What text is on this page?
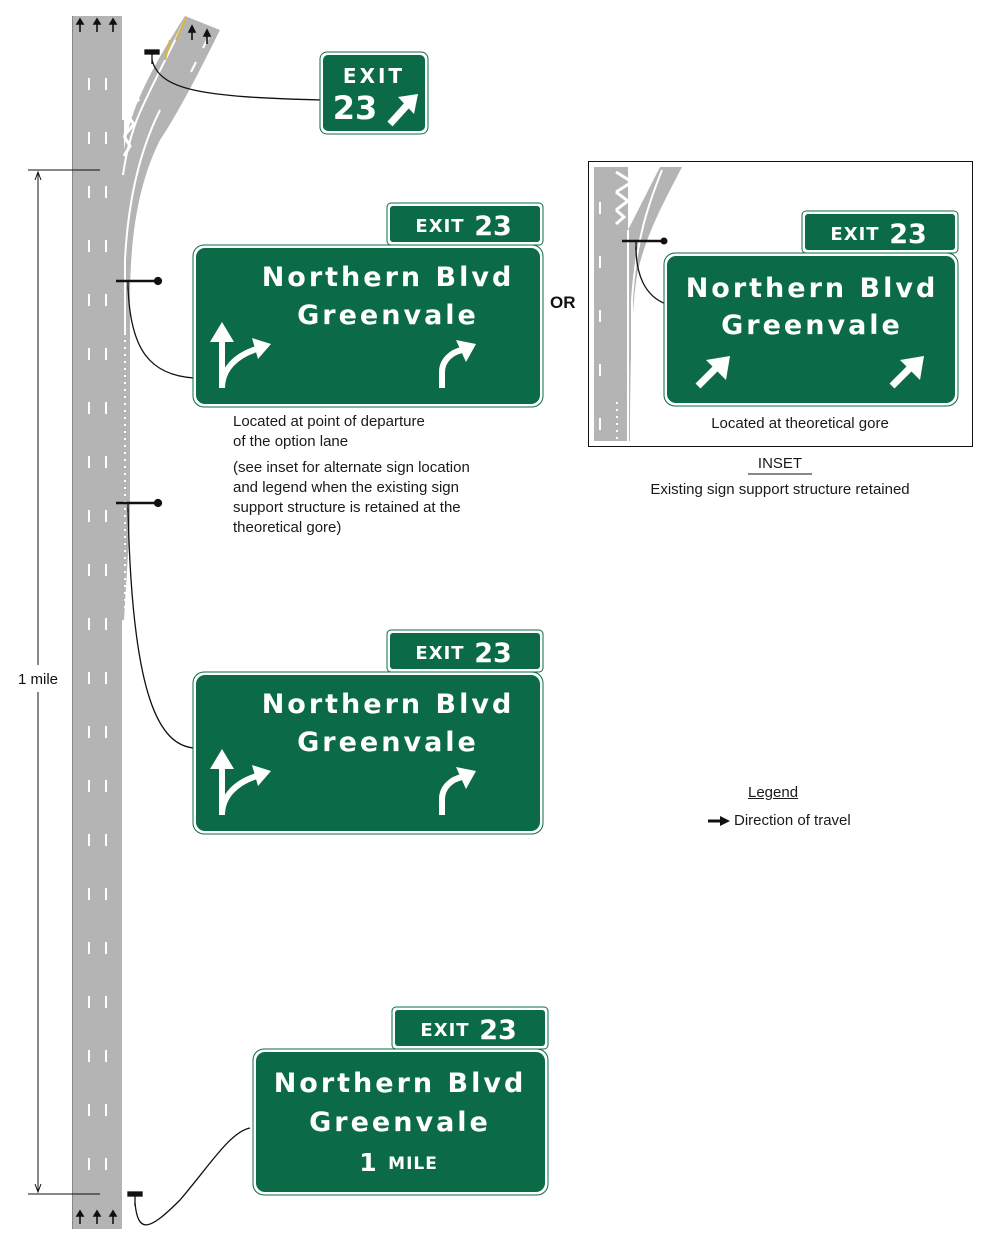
1 mile
EXIT
23
EXIT 23
Northern Blvd
Greenvale
EXIT 23
Northern Blvd
Greenvale
EXIT 23
Northern Blvd
Greenvale
1 MILE
EXIT 23
Northern Blvd
Greenvale
OR
Located at point of departure
of the option lane
(see inset for alternate sign location
and legend when the existing sign
support structure is retained at the
theoretical gore)
Located at theoretical gore
INSET
Existing sign support structure retained
Legend
Direction of travel
